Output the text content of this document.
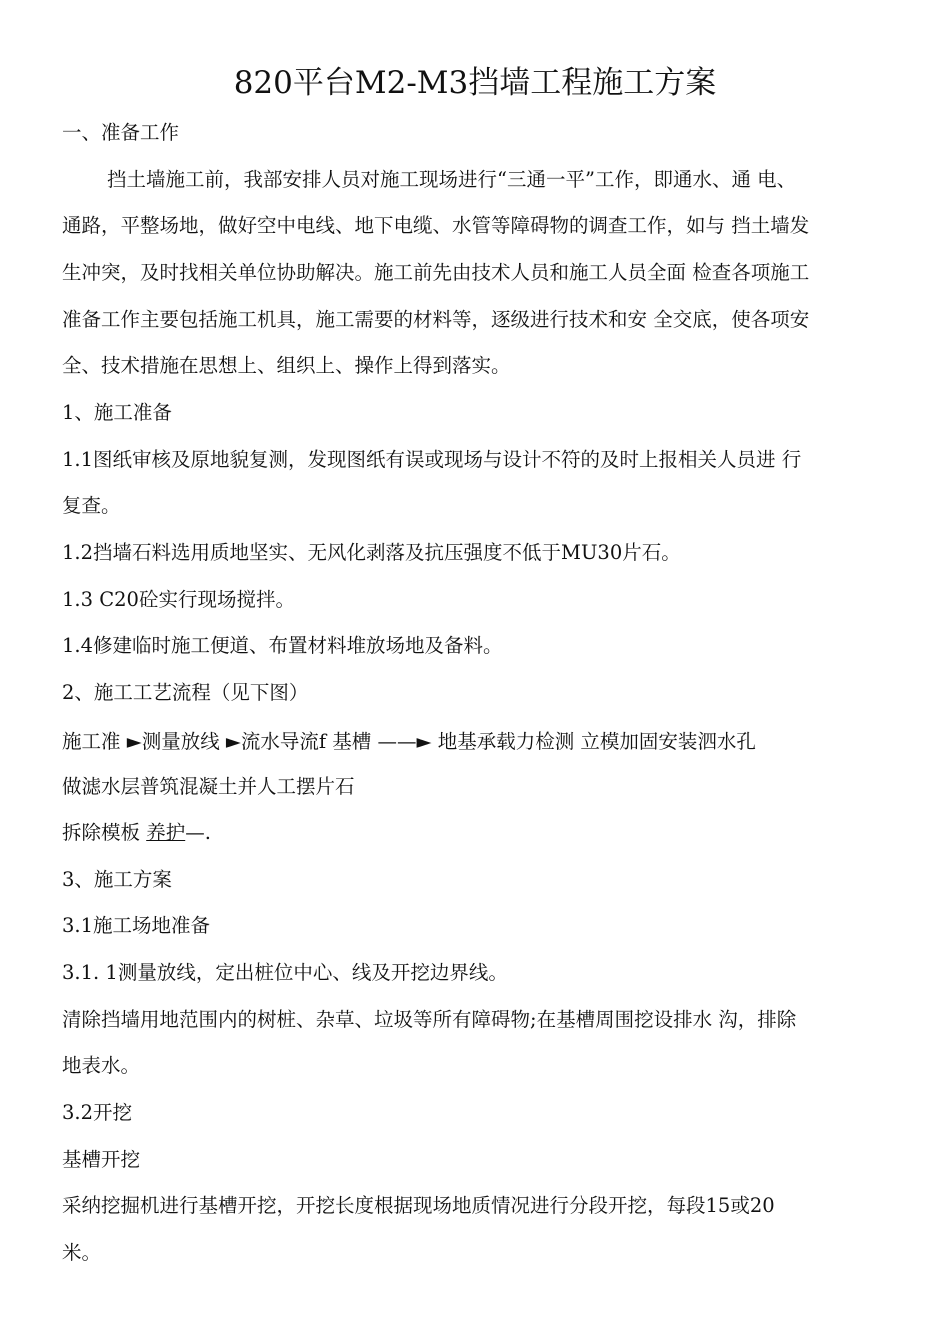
820平台M2-M3挡墙工程施工方案
一、准备工作
挡土墙施工前，我部安排人员对施工现场进行“三通一平”工作，即通水、通 电、
通路，平整场地，做好空中电线、地下电缆、水管等障碍物的调查工作，如与 挡土墙发
生冲突，及时找相关单位协助解决。施工前先由技术人员和施工人员全面 检查各项施工
准备工作主要包括施工机具，施工需要的材料等，逐级进行技术和安 全交底，使各项安
全、技术措施在思想上、组织上、操作上得到落实。
1、施工准备
1.1图纸审核及原地貌复测，发现图纸有误或现场与设计不符的及时上报相关人员进 行
复查。
1.2挡墙石料选用质地坚实、无风化剥落及抗压强度不低于MU30片石。
1.3 C20砼实行现场搅拌。
1.4修建临时施工便道、布置材料堆放场地及备料。
2、施工工艺流程（见下图）
施工准 ►测量放线 ►流水导流f 基槽 ——► 地基承载力检测 立模加固安装泗水孔
做滤水层普筑混凝土并人工摆片石
拆除模板 养护—.
3、施工方案
3.1施工场地准备
3.1. 1测量放线，定出桩位中心、线及开挖边界线。
清除挡墙用地范围内的树桩、杂草、垃圾等所有障碍物;在基槽周围挖设排水 沟，排除
地表水。
3.2开挖
基槽开挖
采纳挖掘机进行基槽开挖，开挖长度根据现场地质情况进行分段开挖，每段15或20
米。
